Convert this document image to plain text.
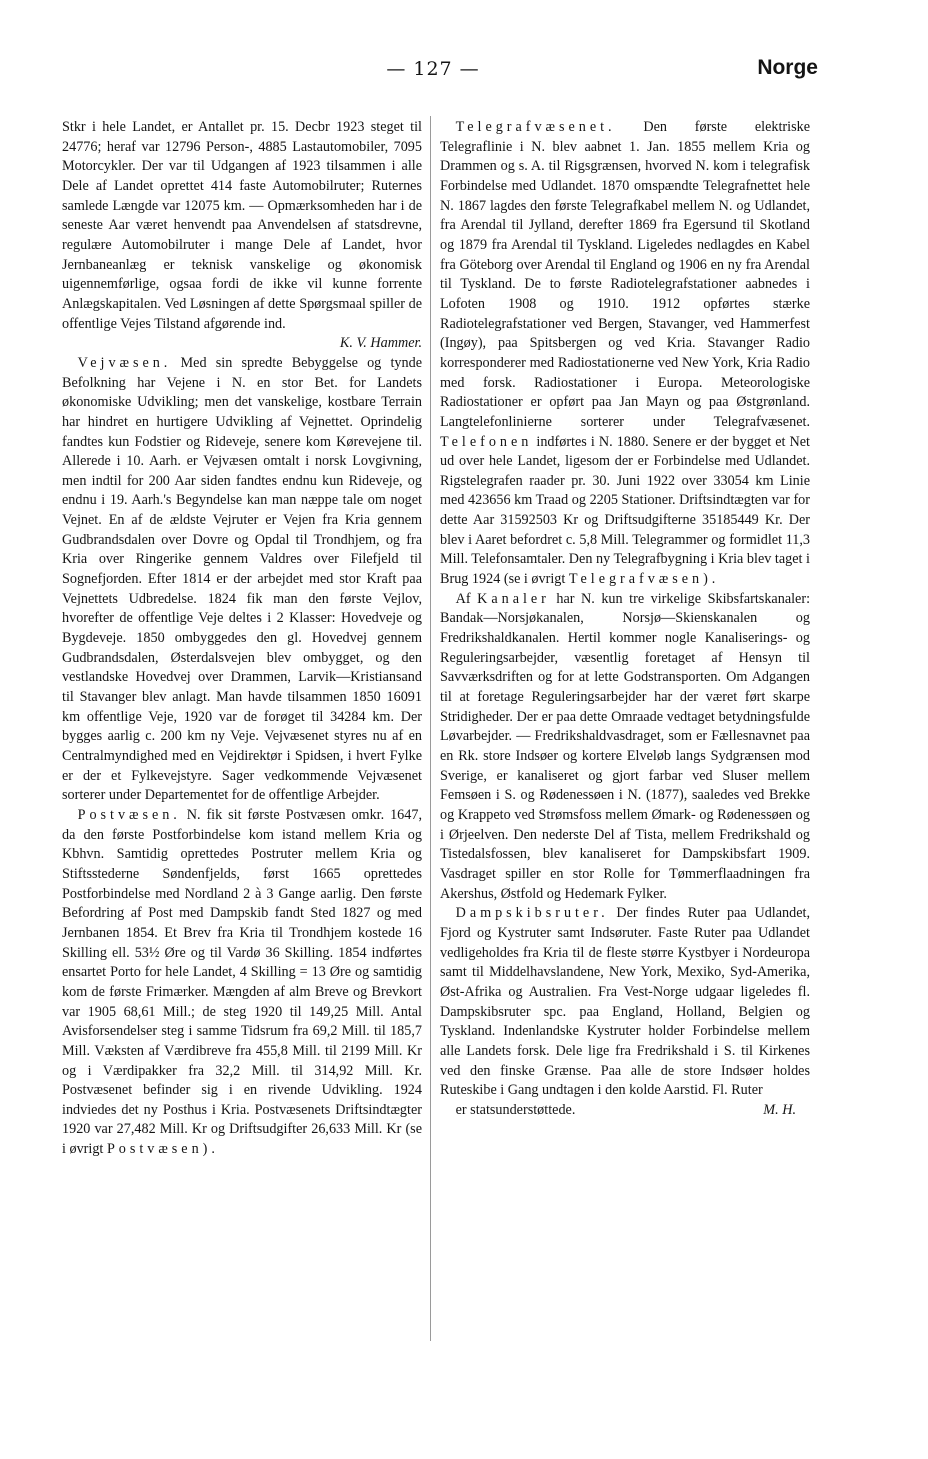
— 127 —	Norge

Stkr i hele Landet, er Antallet pr. 15. Decbr 1923 steget til 24776; heraf var 12796 Person-, 4885 Lastautomobiler, 7095 Motorcykler. Der var til Udgangen af 1923 tilsammen i alle Dele af Landet oprettet 414 faste Automobilruter; Ruternes samlede Længde var 12075 km. — Opmærksomheden har i de seneste Aar været henvendt paa Anvendelsen af statsdrevne, regulære Automobilruter i mange Dele af Landet, hvor Jernbaneanlæg er teknisk vanskelige og økonomisk uigennemførlige, ogsaa fordi de ikke vil kunne forrente Anlægskapitalen. Ved Løsningen af dette Spørgsmaal spiller de offentlige Vejes Tilstand afgørende ind.

K. V. Hammer.

Vejvæsen. Med sin spredte Bebyggelse og tynde Befolkning har Vejene i N. en stor Bet. for Landets økonomiske Udvikling; men det vanskelige, kostbare Terrain har hindret en hurtigere Udvikling af Vejnettet. Oprindelig fandtes kun Fodstier og Rideveje, senere kom Kørevejene til. Allerede i 10. Aarh. er Vejvæsen omtalt i norsk Lovgivning, men indtil for 200 Aar siden fandtes endnu kun Rideveje, og endnu i 19. Aarh.'s Begyndelse kan man næppe tale om noget Vejnet. En af de ældste Vejruter er Vejen fra Kria gennem Gudbrandsdalen over Dovre og Opdal til Trondhjem, og fra Kria over Ringerike gennem Valdres over Filefjeld til Sognefjorden. Efter 1814 er der arbejdet med stor Kraft paa Vejnettets Udbredelse. 1824 fik man den første Vejlov, hvorefter de offentlige Veje deltes i 2 Klasser: Hovedveje og Bygdeveje. 1850 ombyggedes den gl. Hovedvej gennem Gudbrandsdalen, Østerdalsvejen blev ombygget, og den vestlandske Hovedvej over Drammen, Larvik—Kristiansand til Stavanger blev anlagt. Man havde tilsammen 1850 16091 km offentlige Veje, 1920 var de forøget til 34284 km. Der bygges aarlig c. 200 km ny Veje. Vejvæsenet styres nu af en Centralmyndighed med en Vejdirektør i Spidsen, i hvert Fylke er der et Fylkevejstyre. Sager vedkommende Vejvæsenet sorterer under Departementet for de offentlige Arbejder.

Postvæsen. N. fik sit første Postvæsen omkr. 1647, da den første Postforbindelse kom istand mellem Kria og Kbhvn. Samtidig oprettedes Postruter mellem Kria og Stiftsstederne Søndenfjelds, først 1665 oprettedes Postforbindelse med Nordland 2 à 3 Gange aarlig. Den første Befordring af Post med Dampskib fandt Sted 1827 og med Jernbanen 1854. Et Brev fra Kria til Trondhjem kostede 16 Skilling ell. 53½ Øre og til Vardø 36 Skilling. 1854 indførtes ensartet Porto for hele Landet, 4 Skilling = 13 Øre og samtidig kom de første Frimærker. Mængden af alm Breve og Brevkort var 1905 68,61 Mill.; de steg 1920 til 149,25 Mill. Antal Avisforsendelser steg i samme Tidsrum fra 69,2 Mill. til 185,7 Mill. Væksten af Værdibreve fra 455,8 Mill. til 2199 Mill. Kr og i Værdipakker fra 32,2 Mill. til 314,92 Mill. Kr. Postvæsenet befinder sig i en rivende Udvikling. 1924 indviedes det ny Posthus i Kria. Postvæsenets Driftsindtægter 1920 var 27,482 Mill. Kr og Driftsudgifter 26,633 Mill. Kr (se i øvrigt Postvæsen).

Telegrafvæsenet. Den første elektriske Telegraflinie i N. blev aabnet 1. Jan. 1855 mellem Kria og Drammen og s. A. til Rigsgrænsen, hvorved N. kom i telegrafisk Forbindelse med Udlandet. 1870 omspændte Telegrafnettet hele N. 1867 lagdes den første Telegrafkabel mellem N. og Udlandet, fra Arendal til Jylland, derefter 1869 fra Egersund til Skotland og 1879 fra Arendal til Tyskland. Ligeledes nedlagdes en Kabel fra Göteborg over Arendal til England og 1906 en ny fra Arendal til Tyskland. De to første Radiotelegrafstationer aabnedes i Lofoten 1908 og 1910. 1912 opførtes stærke Radiotelegrafstationer ved Bergen, Stavanger, ved Hammerfest (Ingøy), paa Spitsbergen og ved Kria. Stavanger Radio korresponderer med Radiostationerne ved New York, Kria Radio med forsk. Radiostationer i Europa. Meteorologiske Radiostationer er opført paa Jan Mayn og paa Østgrønland. Langtelefonlinierne sorterer under Telegrafvæsenet. Telefonen indførtes i N. 1880. Senere er der bygget et Net ud over hele Landet, ligesom der er Forbindelse med Udlandet. Rigstelegrafen raader pr. 30. Juni 1922 over 33054 km Linie med 423656 km Traad og 2205 Stationer. Driftsindtægten var for dette Aar 31592503 Kr og Driftsudgifterne 35185449 Kr. Der blev i Aaret befordret c. 5,8 Mill. Telegrammer og formidlet 11,3 Mill. Telefonsamtaler. Den ny Telegrafbygning i Kria blev taget i Brug 1924 (se i øvrigt Telegrafvæsen).

Af Kanaler har N. kun tre virkelige Skibsfartskanaler: Bandak—Norsjøkanalen, Norsjø—Skienskanalen og Fredrikshaldkanalen. Hertil kommer nogle Kanaliserings- og Reguleringsarbejder, væsentlig foretaget af Hensyn til Savværksdriften og for at lette Godstransporten. Om Adgangen til at foretage Reguleringsarbejder har der været ført skarpe Stridigheder. Der er paa dette Omraade vedtaget betydningsfulde Løvarbejder. — Fredrikshaldvasdraget, som er Fællesnavnet paa en Rk. store Indsøer og kortere Elveløb langs Sydgrænsen mod Sverige, er kanaliseret og gjort farbar ved Sluser mellem Femsøen i S. og Rødenessøen i N. (1877), saaledes ved Brekke og Krappeto ved Strømsfoss mellem Ømark- og Rødenessøen og i Ørjeelven. Den nederste Del af Tista, mellem Fredrikshald og Tistedalsfossen, blev kanaliseret for Dampskibsfart 1909. Vasdraget spiller en stor Rolle for Tømmerflaadningen fra Akershus, Østfold og Hedemark Fylker.

Dampskibsruter. Der findes Ruter paa Udlandet, Fjord og Kystruter samt Indsøruter. Faste Ruter paa Udlandet vedligeholdes fra Kria til de fleste større Kystbyer i Nordeuropa samt til Middelhavslandene, New York, Mexiko, Syd-Amerika, Øst-Afrika og Australien. Fra Vest-Norge udgaar ligeledes fl. Dampskibsruter spc. paa England, Holland, Belgien og Tyskland. Indenlandske Kystruter holder Forbindelse mellem alle Landets forsk. Dele lige fra Fredrikshald i S. til Kirkenes ved den finske Grænse. Paa alle de store Indsøer holdes Ruteskibe i Gang undtagen i den kolde Aarstid. Fl. Ruter

er statsunderstøttede.	M. H.
